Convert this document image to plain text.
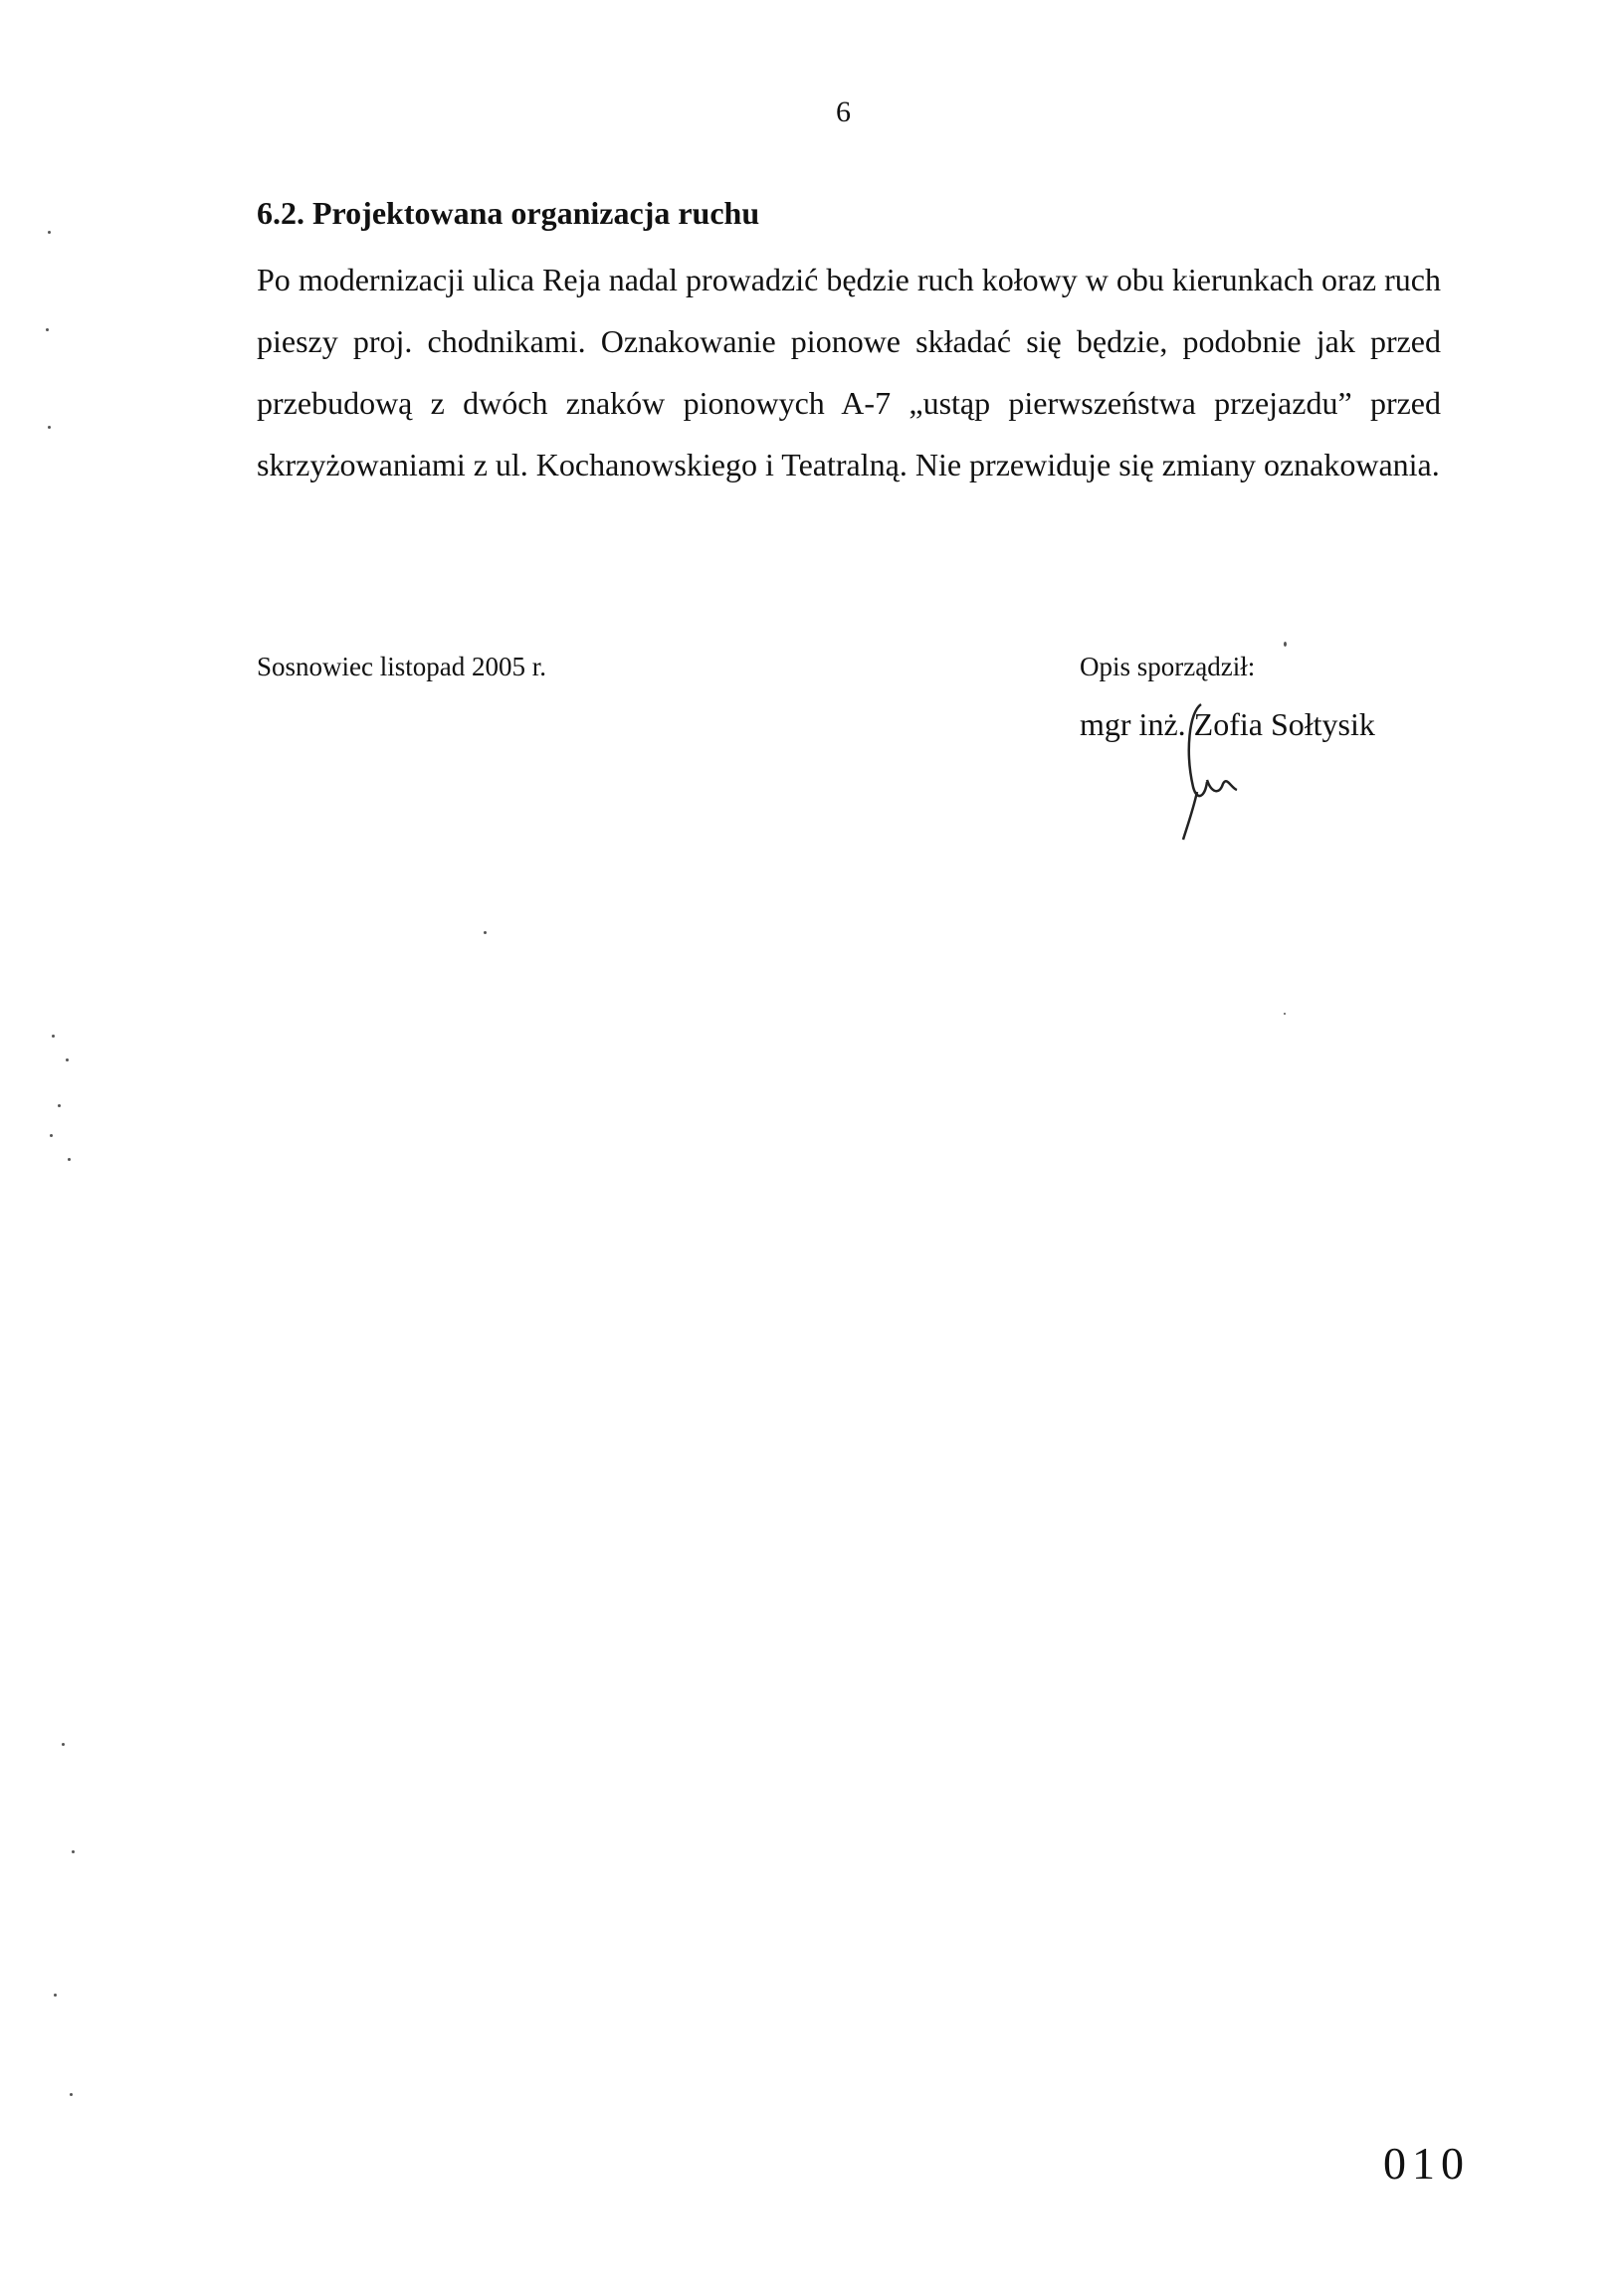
6
6.2. Projektowana organizacja ruchu

Po modernizacji ulica Reja nadal prowadzić będzie ruch kołowy w obu kierunkach oraz ruch pieszy proj. chodnikami. Oznakowanie pionowe składać się będzie, podobnie jak przed przebudową z dwóch znaków pionowych A-7 „ustąp pierwszeństwa przejazdu” przed skrzyżowaniami z ul. Kochanowskiego i Teatralną. Nie przewiduje się zmiany oznakowania.

Sosnowiec listopad 2005 r.	Opis sporządził:
mgr inż. Zofia Sołtysik
010
